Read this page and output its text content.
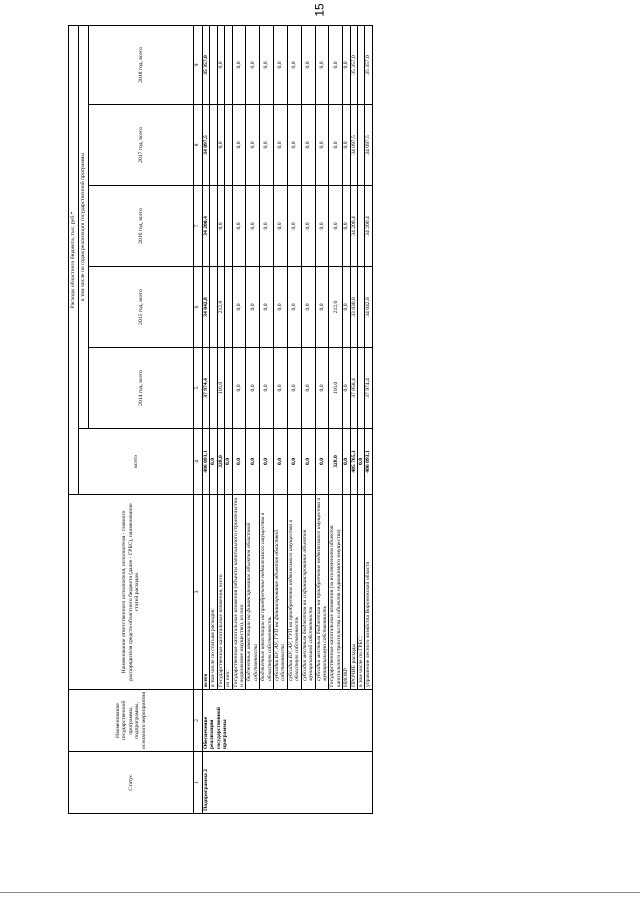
15
Статус	Наименование государственной программы, подпрограммы, основного мероприятия	Наименование ответственного исполнителя, исполнителя - главного распорядителя средств областного бюджета (далее - ГРБС), наименование статей расходов	Расходы областного бюджета, тыс. руб.*					
			всего	в том числе по годам реализации государственной программы				
				2014 год, всего	2015 год, всего	2016 год, всего	2017 год, всего	2018 год, всего
1	2	3	4	5	6	7	8	9
Подпрограмма 2	Обеспечение реализации государственной программы	всего	406 093,1	37 974,4	34 042,8	34 200,4	34 097,5	35 357,0
		в том числе по статьям расходов:	0,0					
		Государственные капитальные вложения, всего	328,0	116,0	212,0	0,0	0,0	0,0
		из них:	0,0					
		Государственные капитальные вложения (объекты капитального строительства и недвижимое имущество), из них:	0,0	0,0	0,0	0,0	0,0	0,0
		бюджетные инвестиции на финансирование объектов областной собственности	0,0	0,0	0,0	0,0	0,0	0,0
		бюджетные инвестиции на приобретение недвижимого имущества в областную собственность	0,0	0,0	0,0	0,0	0,0	0,0
		субсидии БУ, АУ, ГУП на финансирование объектов областной собственности	0,0	0,0	0,0	0,0	0,0	0,0
		субсидии БУ, АУ, ГУП на приобретение недвижимого имущества в областную собственность	0,0	0,0	0,0	0,0	0,0	0,0
		субсидии местным бюджетам на софинансирование объектов муниципальной собственности	0,0	0,0	0,0	0,0	0,0	0,0
		субсидии местным бюджетам на приобретение недвижимого имущества в муниципальную собственность	0,0	0,0	0,0	0,0	0,0	0,0
		Государственные капитальные вложения (за исключением объектов капитального строительства и объектов недвижимого имущества)	328,0	116,0	212,0	0,0	0,0	0,0
		НИОКР	0,0	0,0	0,0	0,0	0,0	0,0
		ПРОЧИЕ расходы	405 765,1	37 858,4	33 830,8	34 200,4	34 097,5	35 357,0
		в том числе по ГРБС:	0,0					
		управление лесного хозяйства Воронежской области	406 093,1	37 974,4	34 042,8	34 200,4	34 097,5	35 357,0
